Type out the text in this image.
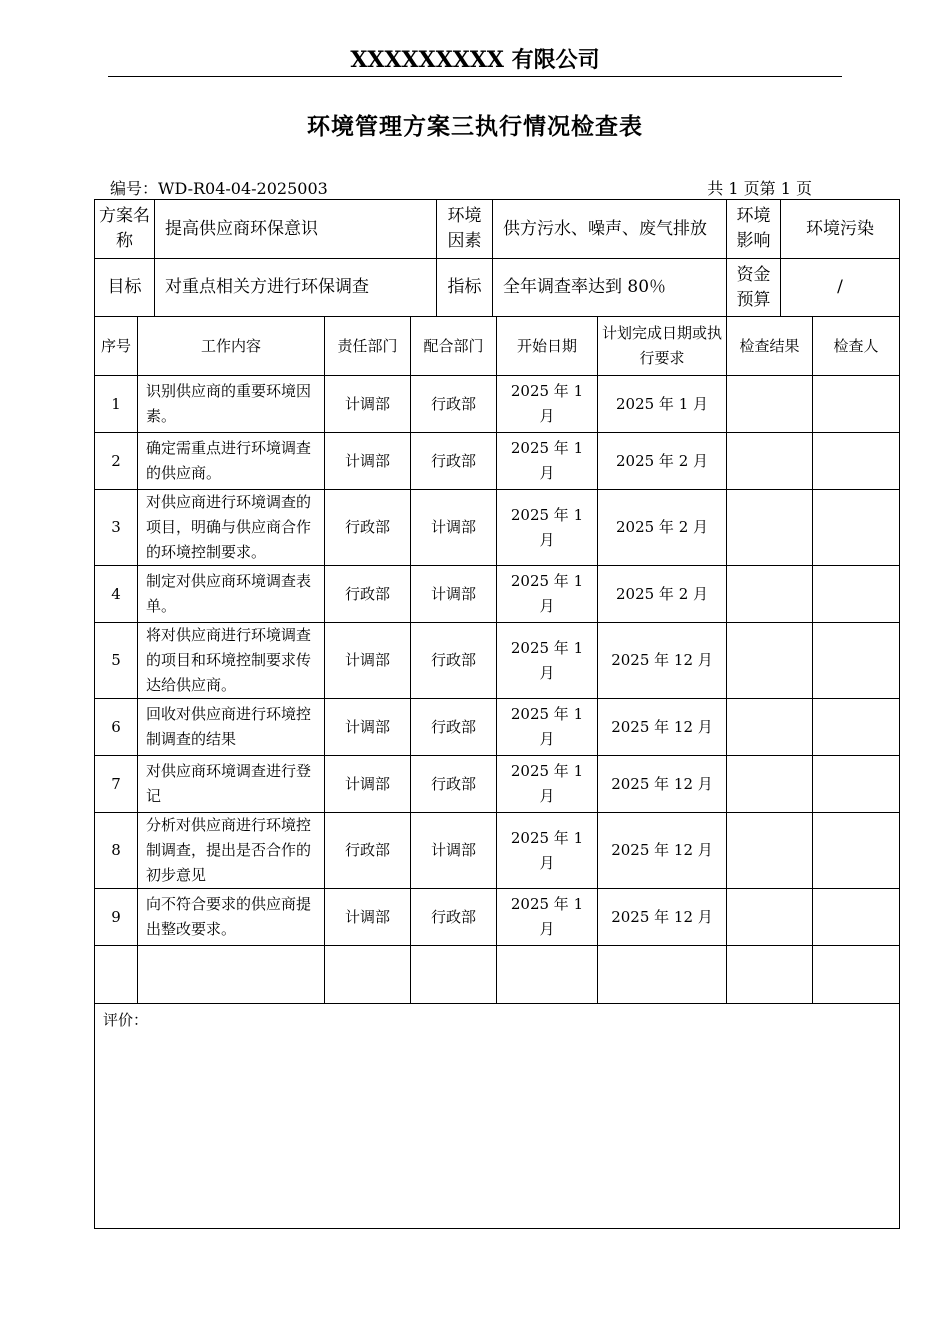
XXXXXXXXX 有限公司
环境管理方案三执行情况检查表
编号：WD-R04-04-2025003	共 1 页第 1 页
方案名称	提高供应商环保意识	环境因素	供方污水、噪声、废气排放	环境影响	环境污染
目标	对重点相关方进行环保调查	指标	全年调查率达到 80％	资金预算	/
序号	工作内容	责任部门	配合部门	开始日期	计划完成日期或执行要求	检查结果	检查人
1	识别供应商的重要环境因素。	计调部	行政部	2025 年 1 月	2025 年 1 月		
2	确定需重点进行环境调查的供应商。	计调部	行政部	2025 年 1 月	2025 年 2 月		
3	对供应商进行环境调查的项目，明确与供应商合作的环境控制要求。	行政部	计调部	2025 年 1 月	2025 年 2 月		
4	制定对供应商环境调查表单。	行政部	计调部	2025 年 1 月	2025 年 2 月		
5	将对供应商进行环境调查的项目和环境控制要求传达给供应商。	计调部	行政部	2025 年 1 月	2025 年 12 月		
6	回收对供应商进行环境控制调查的结果	计调部	行政部	2025 年 1 月	2025 年 12 月		
7	对供应商环境调查进行登记	计调部	行政部	2025 年 1 月	2025 年 12 月		
8	分析对供应商进行环境控制调查，提出是否合作的初步意见	行政部	计调部	2025 年 1 月	2025 年 12 月		
9	向不符合要求的供应商提出整改要求。	计调部	行政部	2025 年 1 月	2025 年 12 月		

评价：							
